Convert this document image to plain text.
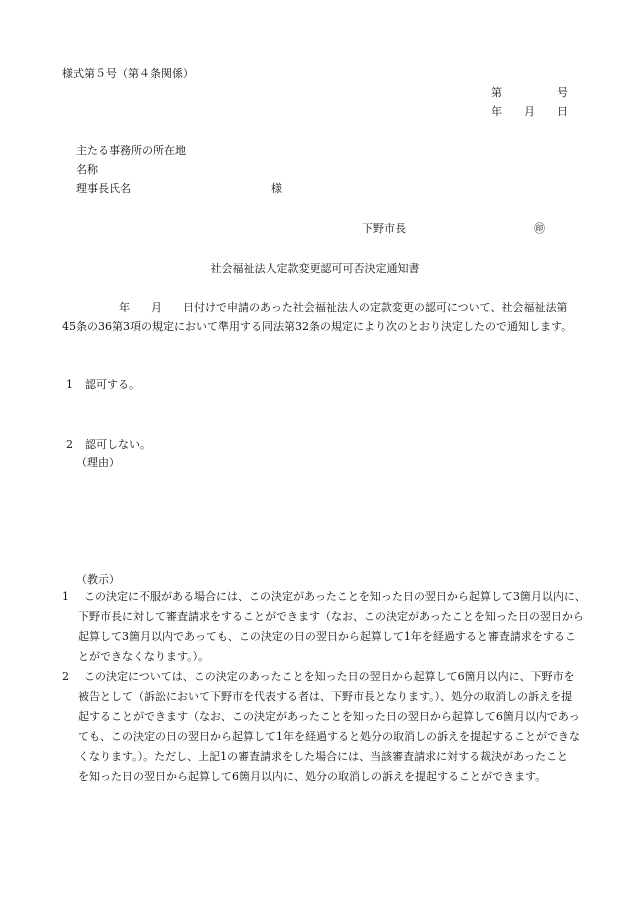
様式第５号（第４条関係）
第	号
年 月 日
主たる事務所の所在地
名称
理事長氏名	様
下野市長	㊞
社会福祉法人定款変更認可可否決定通知書
年 月 日付けで申請のあった社会福祉法人の定款変更の認可について、社会福祉法第
45条の36第3項の規定において準用する同法第32条の規定により次のとおり決定したので通知します。
1 認可する。
2 認可しない。
（理由）
（教示）
1	この決定に不服がある場合には、この決定があったことを知った日の翌日から起算して3箇月以内に、
下野市長に対して審査請求をすることができます（なお、この決定があったことを知った日の翌日から
起算して3箇月以内であっても、この決定の日の翌日から起算して1年を経過すると審査請求をするこ
とができなくなります。）。
2	この決定については、この決定のあったことを知った日の翌日から起算して6箇月以内に、下野市を
被告として（訴訟において下野市を代表する者は、下野市長となります。）、処分の取消しの訴えを提
起することができます（なお、この決定があったことを知った日の翌日から起算して6箇月以内であっ
ても、この決定の日の翌日から起算して1年を経過すると処分の取消しの訴えを提起することができな
くなります。）。ただし、上記1の審査請求をした場合には、当該審査請求に対する裁決があったこと
を知った日の翌日から起算して6箇月以内に、処分の取消しの訴えを提起することができます。
